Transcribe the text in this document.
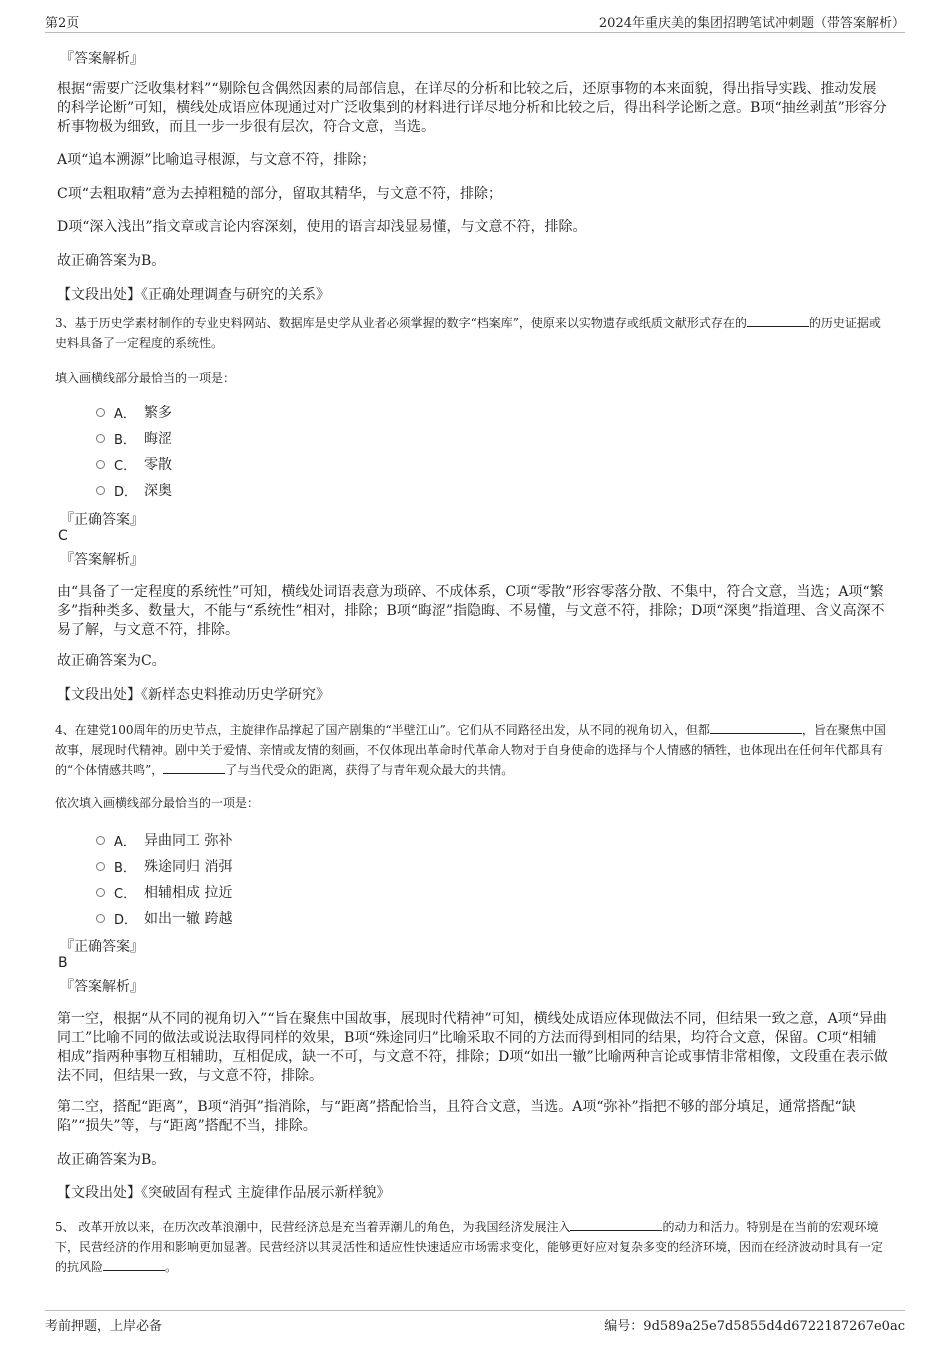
第2页	2024年重庆美的集团招聘笔试冲刺题（带答案解析）
『答案解析』

根据“需要广泛收集材料”“剔除包含偶然因素的局部信息，在详尽的分析和比较之后，还原事物的本来面貌，得出指导实践、推动发展的科学论断”可知，横线处成语应体现通过对广泛收集到的材料进行详尽地分析和比较之后，得出科学论断之意。B项“抽丝剥茧”形容分析事物极为细致，而且一步一步很有层次，符合文意，当选。

A项“追本溯源”比喻追寻根源，与文意不符，排除；

C项“去粗取精”意为去掉粗糙的部分，留取其精华，与文意不符，排除；

D项“深入浅出”指文章或言论内容深刻，使用的语言却浅显易懂，与文意不符，排除。

故正确答案为B。

【文段出处】《正确处理调查与研究的关系》

3、基于历史学素材制作的专业史料网站、数据库是史学从业者必须掌握的数字“档案库”，使原来以实物遗存或纸质文献形式存在的	的历史证据或史料具备了一定程度的系统性。

填入画横线部分最恰当的一项是：

A． 繁多
B． 晦涩
C． 零散
D． 深奥
『正确答案』
C
『答案解析』

由“具备了一定程度的系统性”可知，横线处词语表意为琐碎、不成体系，C项“零散”形容零落分散、不集中，符合文意，当选；A项“繁多”指种类多、数量大，不能与“系统性”相对，排除；B项“晦涩”指隐晦、不易懂，与文意不符，排除；D项“深奥”指道理、含义高深不易了解，与文意不符，排除。

故正确答案为C。

【文段出处】《新样态史料推动历史学研究》

4、在建党100周年的历史节点，主旋律作品撑起了国产剧集的“半壁江山”。它们从不同路径出发，从不同的视角切入，但都	，旨在聚焦中国故事，展现时代精神。剧中关于爱情、亲情或友情的刻画，不仅体现出革命时代革命人物对于自身使命的选择与个人情感的牺牲，也体现出在任何年代都具有的“个体情感共鸣”，	了与当代受众的距离，获得了与青年观众最大的共情。

依次填入画横线部分最恰当的一项是：

A． 异曲同工 弥补
B． 殊途同归 消弭
C． 相辅相成 拉近
D． 如出一辙 跨越
『正确答案』
B
『答案解析』

第一空，根据“从不同的视角切入”“旨在聚焦中国故事，展现时代精神”可知，横线处成语应体现做法不同，但结果一致之意，A项“异曲同工”比喻不同的做法或说法取得同样的效果，B项“殊途同归”比喻采取不同的方法而得到相同的结果，均符合文意，保留。C项“相辅相成”指两种事物互相辅助，互相促成，缺一不可，与文意不符，排除；D项“如出一辙”比喻两种言论或事情非常相像，文段重在表示做法不同，但结果一致，与文意不符，排除。

第二空，搭配“距离”，B项“消弭”指消除，与“距离”搭配恰当，且符合文意，当选。A项“弥补”指把不够的部分填足，通常搭配“缺陷”“损失”等，与“距离”搭配不当，排除。

故正确答案为B。

【文段出处】《突破固有程式 主旋律作品展示新样貌》

5、 改革开放以来，在历次改革浪潮中，民营经济总是充当着弄潮儿的角色，为我国经济发展注入	的动力和活力。特别是在当前的宏观环境下，民营经济的作用和影响更加显著。民营经济以其灵活性和适应性快速适应市场需求变化，能够更好应对复杂多变的经济环境，因而在经济波动时具有一定的抗风险	。

考前押题，上岸必备	编号：9d589a25e7d5855d4d6722187267e0ac
